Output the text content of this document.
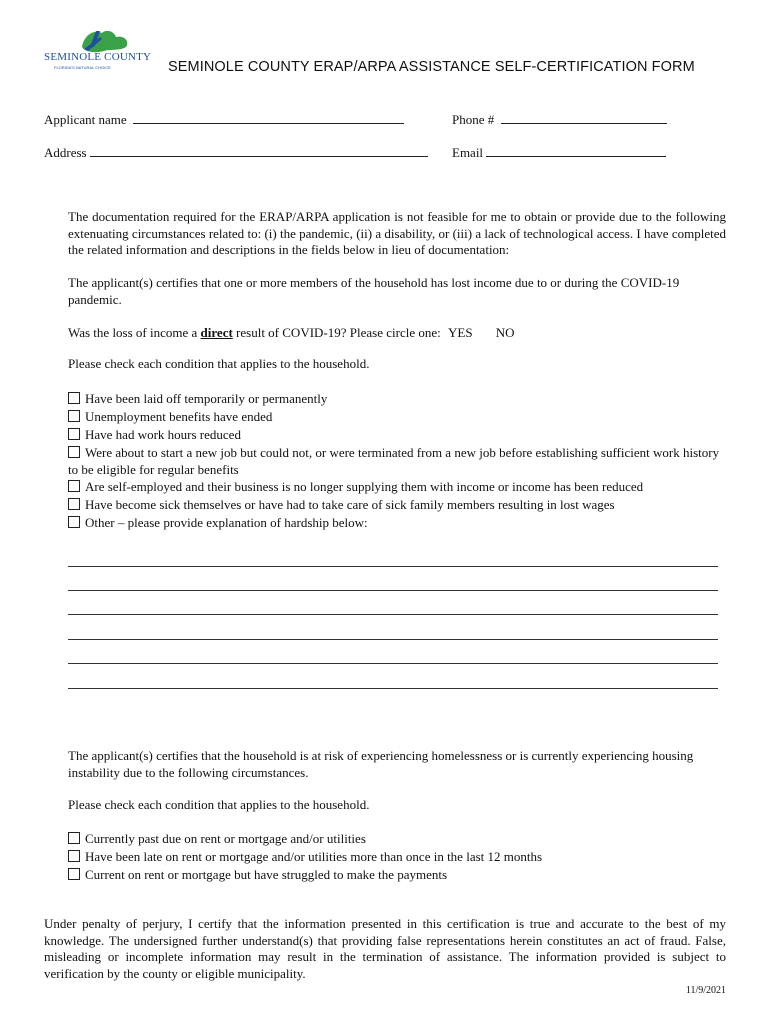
SEMINOLE COUNTY
FLORIDA'S NATURAL CHOICE	SEMINOLE COUNTY ERAP/ARPA ASSISTANCE SELF-CERTIFICATION FORM
Applicant name	Phone #
Address	Email
The documentation required for the ERAP/ARPA application is not feasible for me to obtain or provide due to the following extenuating circumstances related to: (i) the pandemic, (ii) a disability, or (iii) a lack of technological access. I have completed the related information and descriptions in the fields below in lieu of documentation:
The applicant(s) certifies that one or more members of the household has lost income due to or during the COVID-19 pandemic.
Was the loss of income a direct result of COVID-19? Please circle one: YES NO
Please check each condition that applies to the household.
Have been laid off temporarily or permanently
Unemployment benefits have ended
Have had work hours reduced
Were about to start a new job but could not, or were terminated from a new job before establishing sufficient work history to be eligible for regular benefits
Are self-employed and their business is no longer supplying them with income or income has been reduced
Have become sick themselves or have had to take care of sick family members resulting in lost wages
Other – please provide explanation of hardship below:
The applicant(s) certifies that the household is at risk of experiencing homelessness or is currently experiencing housing instability due to the following circumstances.
Please check each condition that applies to the household.
Currently past due on rent or mortgage and/or utilities
Have been late on rent or mortgage and/or utilities more than once in the last 12 months
Current on rent or mortgage but have struggled to make the payments
Under penalty of perjury, I certify that the information presented in this certification is true and accurate to the best of my knowledge. The undersigned further understand(s) that providing false representations herein constitutes an act of fraud. False, misleading or incomplete information may result in the termination of assistance. The information provided is subject to verification by the county or eligible municipality.
11/9/2021
